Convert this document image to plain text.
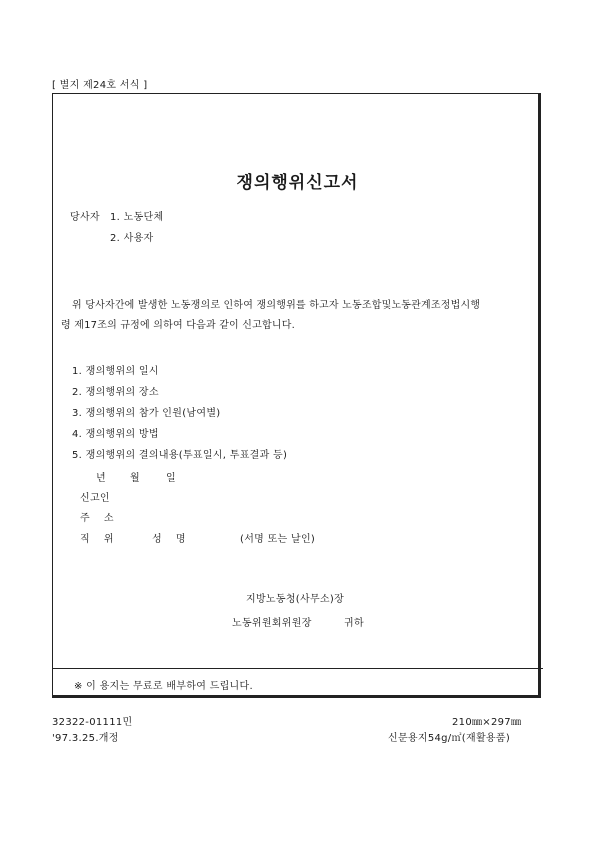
[ 별지 제24호 서식 ]
쟁의행위신고서
당사자 1. 노동단체
2. 사용자
위 당사자간에 발생한 노동쟁의로 인하여 쟁의행위를 하고자 노동조합및노동관계조정법시행
령 제17조의 규정에 의하여 다음과 같이 신고합니다.
1. 쟁의행위의 일시
2. 쟁의행위의 장소
3. 쟁의행위의 참가 인원(남여별)
4. 쟁의행위의 방법
5. 쟁의행위의 결의내용(투표일시, 투표결과 등)
년 월	일
신고인
주    소
직    위	성    명	(서명 또는 날인)
지방노동청(사무소)장
노동위원회위원장	귀하
※ 이 용지는 무료로 배부하여 드립니다.
32322-01111민
'97.3.25.개정
210㎜×297㎜
신문용지54g/㎡(재활용품)
